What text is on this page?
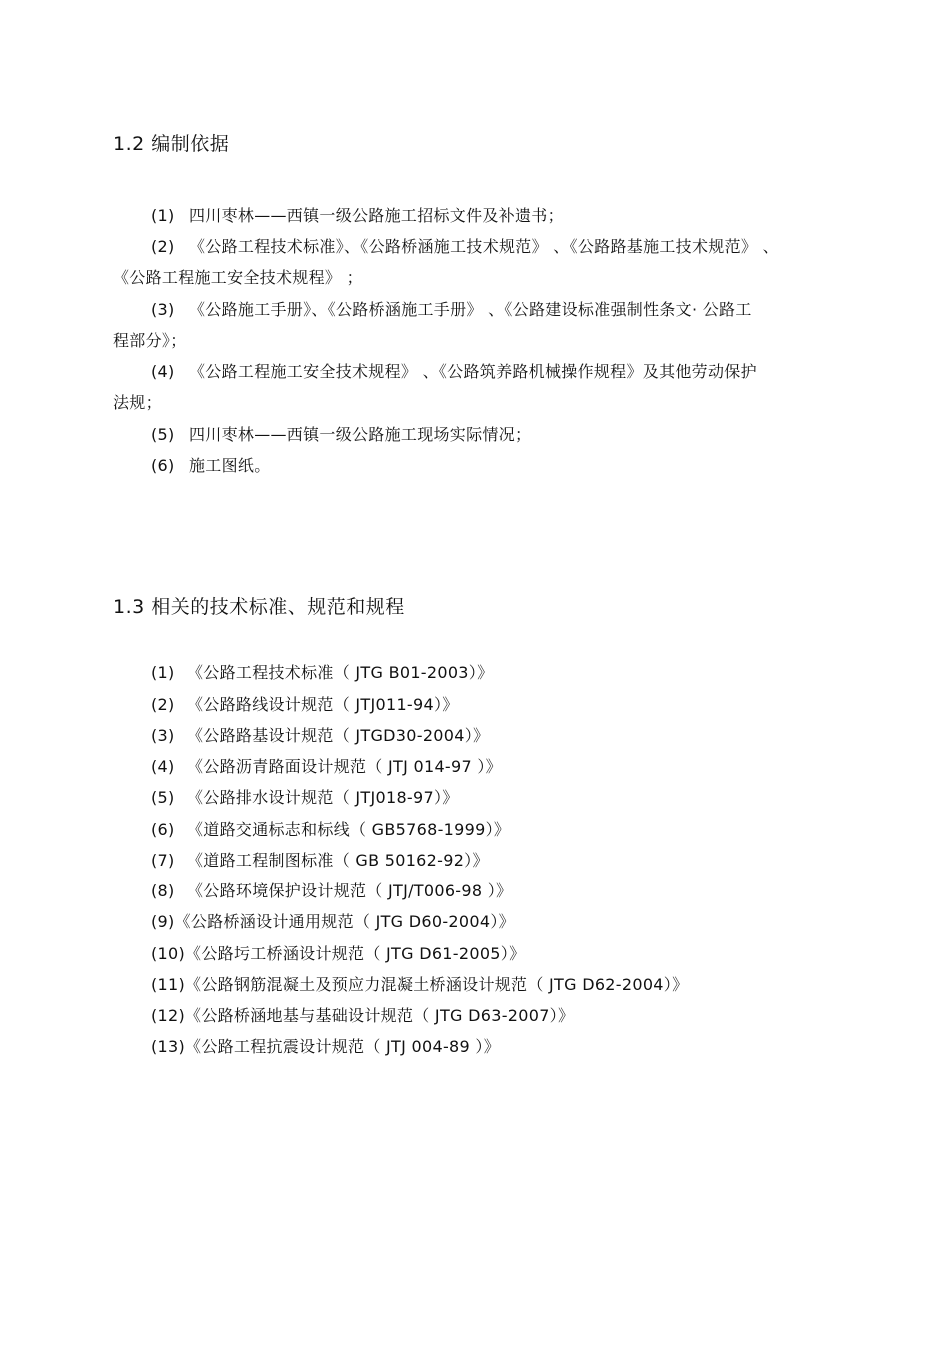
1.2 编制依据
(1) 四川枣林——西镇一级公路施工招标文件及补遗书；
(2) 《公路工程技术标准》、《公路桥涵施工技术规范》 、《公路路基施工技术规范》 、
《公路工程施工安全技术规程》 ；
(3) 《公路施工手册》、《公路桥涵施工手册》 、《公路建设标准强制性条文· 公路工
程部分》；
(4) 《公路工程施工安全技术规程》 、《公路筑养路机械操作规程》及其他劳动保护
法规；
(5) 四川枣林——西镇一级公路施工现场实际情况；
(6) 施工图纸。
1.3 相关的技术标准、规范和规程
(1) 《公路工程技术标准（ JTG B01-2003）》
(2) 《公路路线设计规范（ JTJ011-94）》
(3) 《公路路基设计规范（ JTGD30-2004）》
(4) 《公路沥青路面设计规范（ JTJ 014-97 ）》
(5) 《公路排水设计规范（ JTJ018-97）》
(6) 《道路交通标志和标线（ GB5768-1999）》
(7) 《道路工程制图标准（ GB 50162-92）》
(8) 《公路环境保护设计规范（ JTJ/T006-98 ）》
(9)《公路桥涵设计通用规范（ JTG D60-2004）》
(10)《公路圬工桥涵设计规范（ JTG D61-2005）》
(11)《公路钢筋混凝土及预应力混凝土桥涵设计规范（ JTG D62-2004）》
(12)《公路桥涵地基与基础设计规范（ JTG D63-2007）》
(13)《公路工程抗震设计规范（ JTJ 004-89 ）》
